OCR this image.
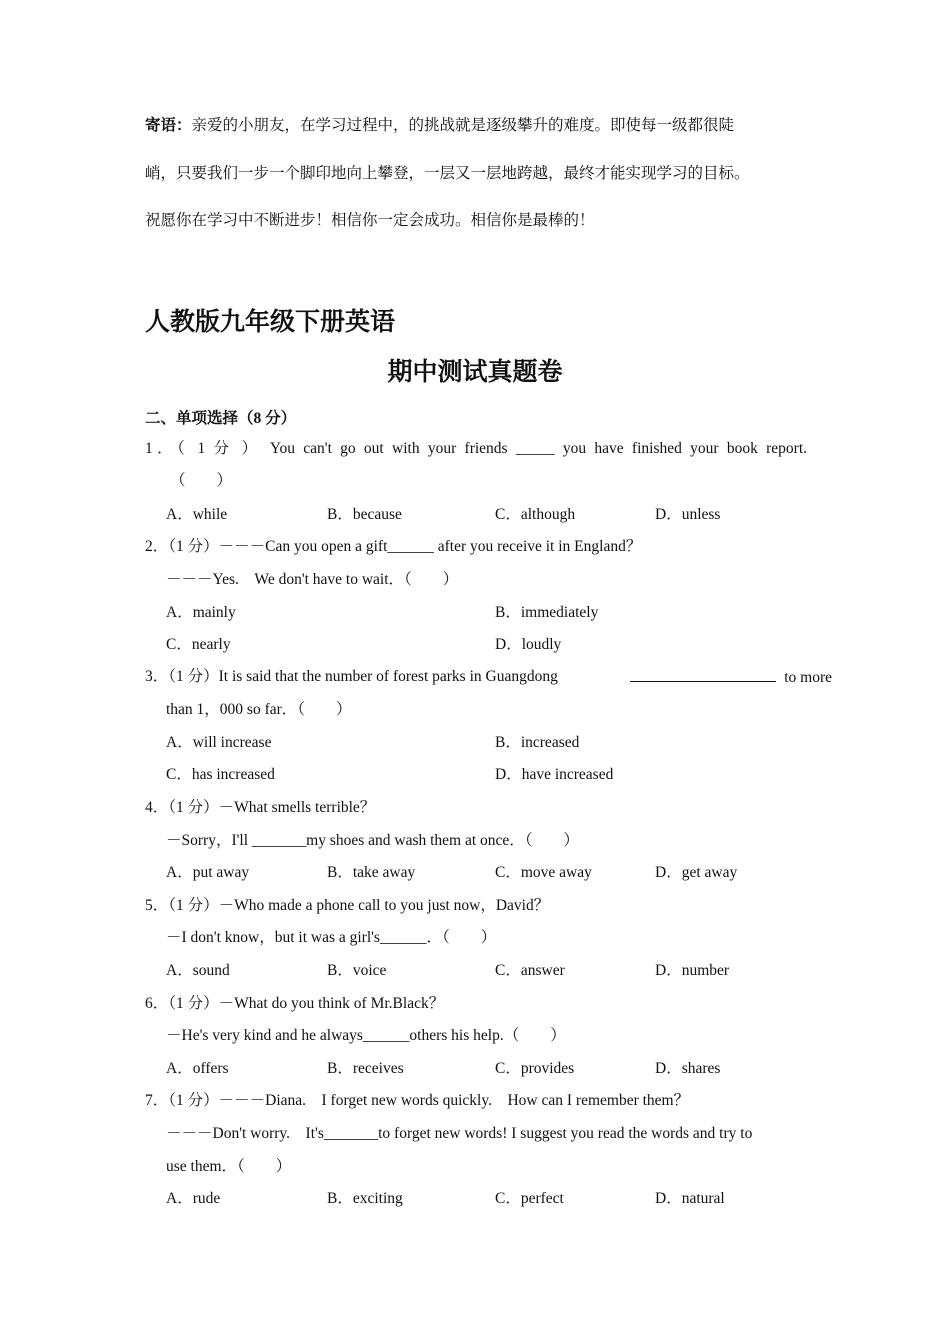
寄语：亲爱的小朋友，在学习过程中，的挑战就是逐级攀升的难度。即使每一级都很陡
峭，只要我们一步一个脚印地向上攀登，一层又一层地跨越，最终才能实现学习的目标。
祝愿你在学习中不断进步！相信你一定会成功。相信你是最棒的！
人教版九年级下册英语
期中测试真题卷
二、单项选择（8 分）
1．（ 1 分 ） You can't go out with your friends _____ you have finished your book report.
（　　）
A．while	B．because	C．although	D．unless
2．（1 分）－－－Can you open a gift______ after you receive it in England？
－－－Yes.　We don't have to wait．（　　）
A．mainly	B．immediately
C．nearly	D．loudly
3．（1 分）It is said that the number of forest parks in Guangdong	to more
than 1，000 so far．（　　）
A．will increase	B．increased
C．has increased	D．have increased
4．（1 分）－What smells terrible？
－Sorry，I'll _______my shoes and wash them at once．（　　）
A．put away	B．take away	C．move away	D．get away
5．（1 分）－Who made a phone call to you just now，David？
－I don't know，but it was a girl's______．（　　）
A．sound	B．voice	C．answer	D．number
6．（1 分）－What do you think of Mr.Black？
－He's very kind and he always______others his help.（　　）
A．offers	B．receives	C．provides	D．shares
7．（1 分）－－－Diana.　I forget new words quickly.　How can I remember them？
－－－Don't worry.　It's_______to forget new words! I suggest you read the words and try to
use them．（　　）
A．rude	B．exciting	C．perfect	D．natural
